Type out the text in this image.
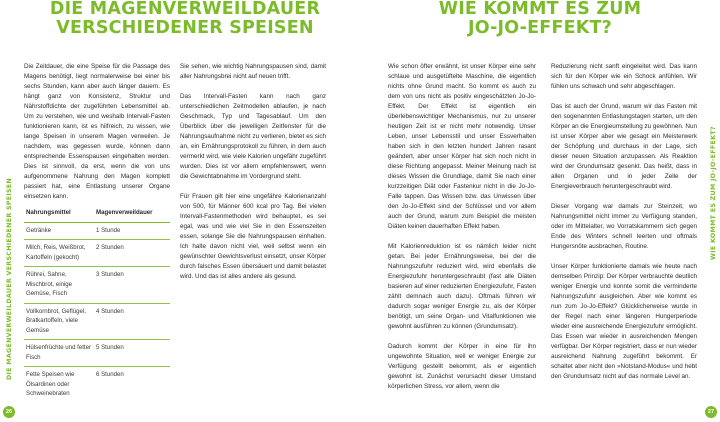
DIE MAGENVERWEILDAUER
VERSCHIEDENER SPEISEN

Die Zeitdauer, die eine Speise für die Passage des Magens benötigt, liegt normalerweise bei einer bis sechs Stunden, kann aber auch länger dauern. Es hängt ganz von Konsistenz, Struktur und Nährstoffdichte der zugeführten Lebensmittel ab. Um zu verstehen, wie und weshalb Intervall-Fasten funktionieren kann, ist es hilfreich, zu wissen, wie lange Speisen in unserem Magen verweilen. Je nachdem, was gegessen wurde, können dann entsprechende Essenspausen eingehalten werden. Dies ist sinnvoll, da erst, wenn die von uns aufgenommene Nahrung den Magen komplett passiert hat, eine Entlastung unserer Organe einsetzen kann.

Nahrungsmittel	Magenverweildauer
Getränke	1 Stunde
Milch, Reis, Weißbrot, Kartoffeln (gekocht)	2 Stunden
Rührei, Sahne, Mischbrot, einige Gemüse, Fisch	3 Stunden
Vollkornbrot, Geflügel, Bratkartoffeln, viele Gemüse	4 Stunden
Hülsenfrüchte und fetter Fisch	5 Stunden
Fette Speisen wie Ölsardinen oder Schweinebraten	6 Stunden

Sie sehen, wie wichtig Nahrungspausen sind, damit aller Nahrungsbrei nicht auf neuen trifft.

Das Intervall-Fasten kann nach ganz unterschiedlichen Zeitmodellen ablaufen, je nach Geschmack, Typ und Tagesablauf. Um den Überblick über die jeweiligen Zeitfenster für die Nahrungsaufnahme nicht zu verlieren, bietet es sich an, ein Ernährungsprotokoll zu führen, in dem auch vermerkt wird, wie viele Kalorien ungefähr zugeführt wurden. Dies ist vor allem empfehlenswert, wenn die Gewichtabnahme im Vordergrund steht.

Für Frauen gilt hier eine ungefähre Kalorienanzahl von 500, für Männer 600 kcal pro Tag. Bei vielen Intervall-Fastenmethoden wird behauptet, es sei egal, was und wie viel Sie in den Essenszeiten essen, solange Sie die Nahrungspausen einhalten. Ich halte davon nicht viel, weil selbst wenn ein gewünschter Gewichtsverlust einsetzt, unser Körper durch falsches Essen übersäuert und damit belastet wird. Und das ist alles andere als gesund.

DIE MAGENVERWEILDAUER VERSCHIEDENER SPEISEN
26
WIE KOMMT ES ZUM
JO-JO-EFFEKT?

Wie schon öfter erwähnt, ist unser Körper eine sehr schlaue und ausgetüftelte Maschine, die eigentlich nichts ohne Grund macht. So kommt es auch zu dem von uns nicht als positiv eingeschätzten Jo-Jo-Effekt. Der Effekt ist eigentlich ein überlebenswichtiger Mechanismus, nur zu unserer heutigen Zeit ist er nicht mehr notwendig. Unser Leben, unser Lebensstil und unser Essverhalten haben sich in den letzten hundert Jahren rasant geändert, aber unser Körper hat sich noch nicht in diese Richtung angepasst. Meiner Meinung nach ist dieses Wissen die Grundlage, damit Sie nach einer kurzzeitigen Diät oder Fastenkur nicht in die Jo-Jo-Falle tappen. Das Wissen bzw. das Unwissen über den Jo-Jo-Effekt sind der Schlüssel und vor allem auch der Grund, warum zum Beispiel die meisten Diäten keinen dauerhaften Effekt haben.

Mit Kalorienreduktion ist es nämlich leider nicht getan. Bei jeder Ernährungsweise, bei der die Nahrungszufuhr reduziert wird, wird ebenfalls die Energiezufuhr heruntergeschraubt (fast alle Diäten basieren auf einer reduzierten Energiezufuhr, Fasten zählt demnach auch dazu). Oftmals führen wir dadurch sogar weniger Energie zu, als der Körper benötigt, um seine Organ- und Vitalfunktionen wie gewohnt ausführen zu können (Grundumsatz).

Dadurch kommt der Körper in eine für ihn ungewohnte Situation, weil er weniger Energie zur Verfügung gestellt bekommt, als er eigentlich gewohnt ist. Zunächst verursacht dieser Umstand körperlichen Stress, vor allem, wenn die

Reduzierung nicht sanft eingeleitet wird. Das kann sich für den Körper wie ein Schock anfühlen. Wir fühlen uns schwach und sehr abgeschlagen.

Das ist auch der Grund, warum wir das Fasten mit den sogenannten Entlastungstagen starten, um den Körper an die Energieumstellung zu gewöhnen. Nun ist unser Körper aber wie gesagt ein Meisterwerk der Schöpfung und durchaus in der Lage, sich dieser neuen Situation anzupassen. Als Reaktion wird der Grundumsatz gesenkt. Das heißt, dass in allen Organen und in jeder Zelle der Energieverbrauch heruntergeschraubt wird.

Dieser Vorgang war damals zur Steinzeit, wo Nahrungsmittel nicht immer zu Verfügung standen, oder im Mittelalter, wo Vorratskammern sich gegen Ende des Winters schnell leerten und oftmals Hungersnöte ausbrachen, Routine.

Unser Körper funktionierte damals wie heute nach demselben Prinzip: Der Körper verbrauchte deutlich weniger Energie und konnte somit die verminderte Nahrungszufuhr ausgleichen. Aber wie kommt es nun zum Jo-Jo-Effekt? Glücklicherweise wurde in der Regel nach einer längeren Hungerperiode wieder eine ausreichende Energiezufuhr ermöglicht. Das Essen war wieder in ausreichenden Mengen verfügbar. Der Körper registriert, dass er nun wieder ausreichend Nahrung zugeführt bekommt. Er schaltet aber nicht den »Notstand-Modus« und hebt den Grundumsatz nicht auf das normale Level an.

WIE KOMMT ES ZUM JO-JO-EFFEKT?
27
